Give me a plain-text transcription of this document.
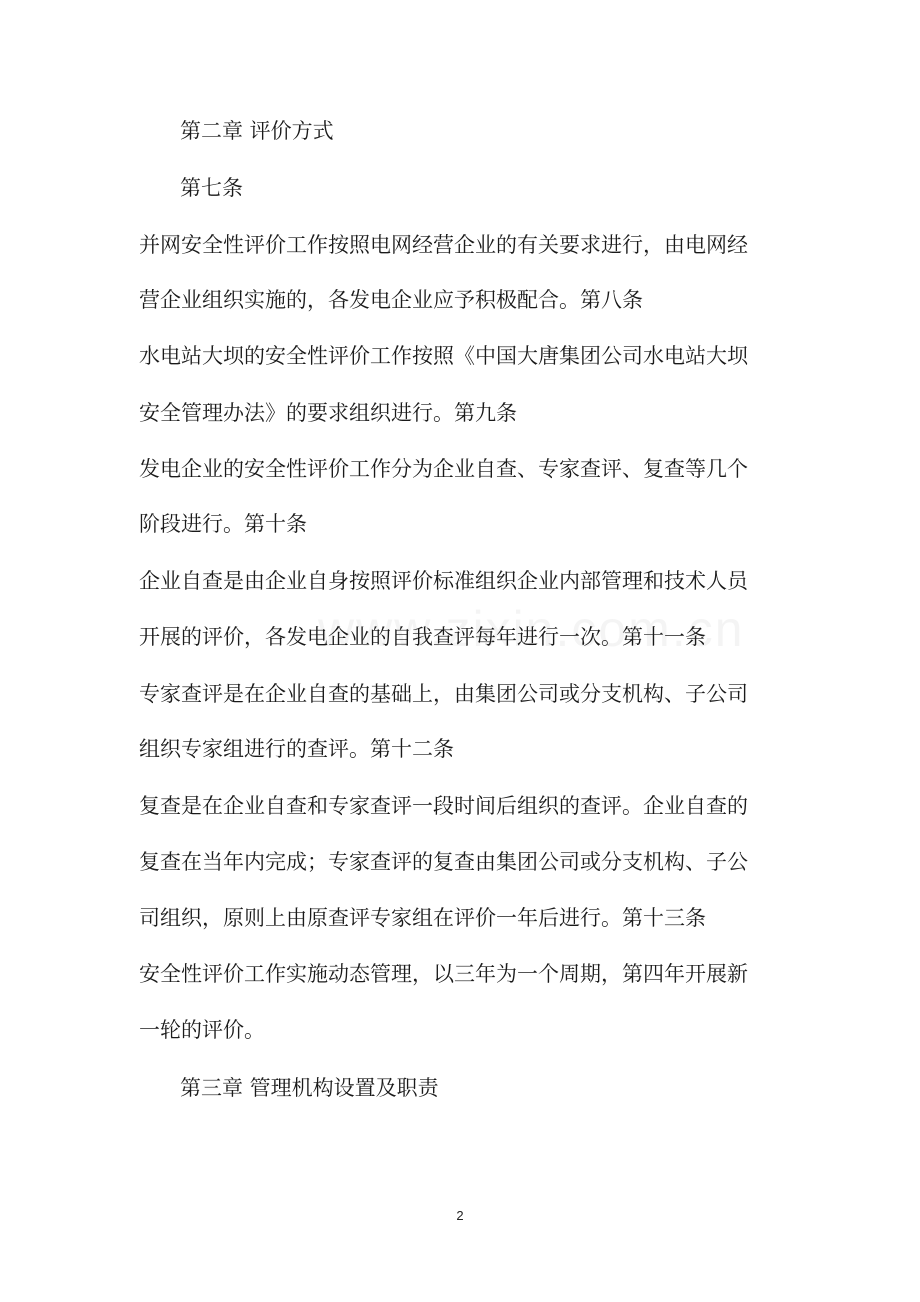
第二章 评价方式
第七条
并网安全性评价工作按照电网经营企业的有关要求进行，由电网经
营企业组织实施的，各发电企业应予积极配合。第八条
水电站大坝的安全性评价工作按照《中国大唐集团公司水电站大坝
安全管理办法》的要求组织进行。第九条
发电企业的安全性评价工作分为企业自查、专家查评、复查等几个
阶段进行。第十条
企业自查是由企业自身按照评价标准组织企业内部管理和技术人员
开展的评价，各发电企业的自我查评每年进行一次。第十一条
专家查评是在企业自查的基础上，由集团公司或分支机构、子公司
组织专家组进行的查评。第十二条
复查是在企业自查和专家查评一段时间后组织的查评。企业自查的
复查在当年内完成；专家查评的复查由集团公司或分支机构、子公
司组织，原则上由原查评专家组在评价一年后进行。第十三条
安全性评价工作实施动态管理，以三年为一个周期，第四年开展新
一轮的评价。
第三章 管理机构设置及职责
2
